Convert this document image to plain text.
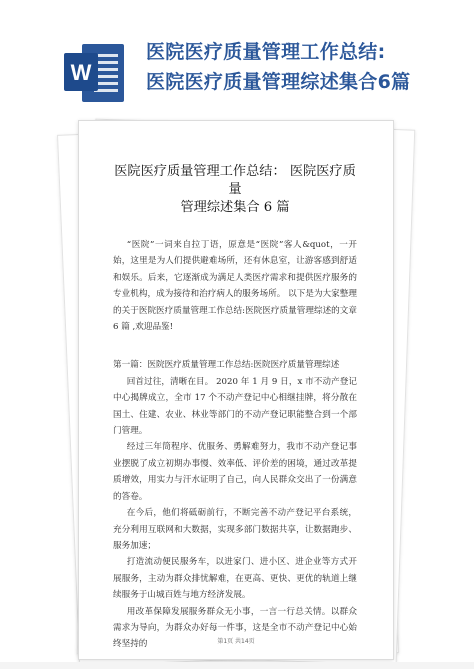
W
医院医疗质量管理工作总结:
医院医疗质量管理综述集合6篇
医院医疗质量管理工作总结： 医院医疗质量
管理综述集合 6 篇

“医院”一词来自拉丁语，原意是“医院”客人&quot，一开始，这里是为人们提供避难场所，还有休息室，让游客感到舒适和娱乐。后来，它逐渐成为满足人类医疗需求和提供医疗服务的专业机构，成为接待和治疗病人的服务场所。 以下是为大家整理的关于医院医疗质量管理工作总结:医院医疗质量管理综述的文章 6 篇 ,欢迎品鉴!

第一篇：医院医疗质量管理工作总结:医院医疗质量管理综述

回首过往，清晰在目。 2020 年 1 月 9 日，x 市不动产登记中心揭牌成立，全市 17 个不动产登记中心相继挂牌，将分散在国土、住建、农业、林业等部门的不动产登记职能整合到一个部门管理。

经过三年筒程序、优服务、勇解难努力，我市不动产登记事业摆脱了成立初期办事慢、效率低、评价差的困境，通过改革提质增效，用实力与汗水证明了自己，向人民群众交出了一份满意的答卷。

在今后，他们将砥砺前行，不断完善不动产登记平台系统，充分利用互联网和大数据，实现多部门数据共享，让数据跑步、服务加速；

打造流动便民服务车，以进家门、进小区、进企业等方式开展服务，主动为群众排忧解难，在更高、更快、更优的轨道上继续服务于山城百姓与地方经济发展。

用改革保障发展服务群众无小事，一言一行总关情。以群众需求为导向，为群众办好每一件事，这是全市不动产登记中心始终坚持的	第1页 共14页
